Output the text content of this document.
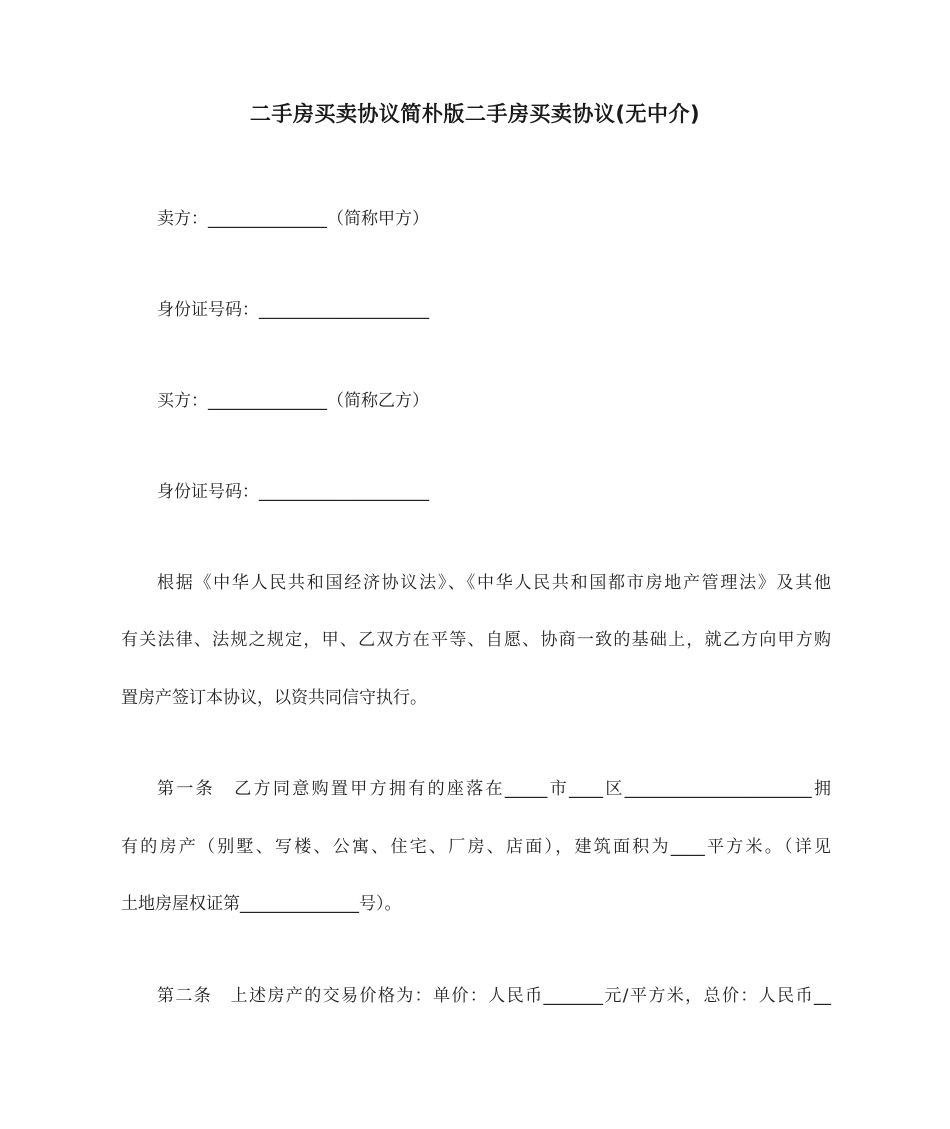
二手房买卖协议简朴版二手房买卖协议(无中介)
卖方：______________（简称甲方）
身份证号码：____________________
买方：______________（简称乙方）
身份证号码：____________________
根据《中华人民共和国经济协议法》、《中华人民共和国都市房地产管理法》及其他
有关法律、法规之规定，甲、乙双方在平等、自愿、协商一致的基础上，就乙方向甲方购
置房产签订本协议，以资共同信守执行。
第一条　乙方同意购置甲方拥有的座落在_____市____区______________________拥
有的房产（别墅、写楼、公寓、住宅、厂房、店面），建筑面积为____平方米。（详见
土地房屋权证第______________号）。
第二条　上述房产的交易价格为：单价：人民币_______元/平方米，总价：人民币__
